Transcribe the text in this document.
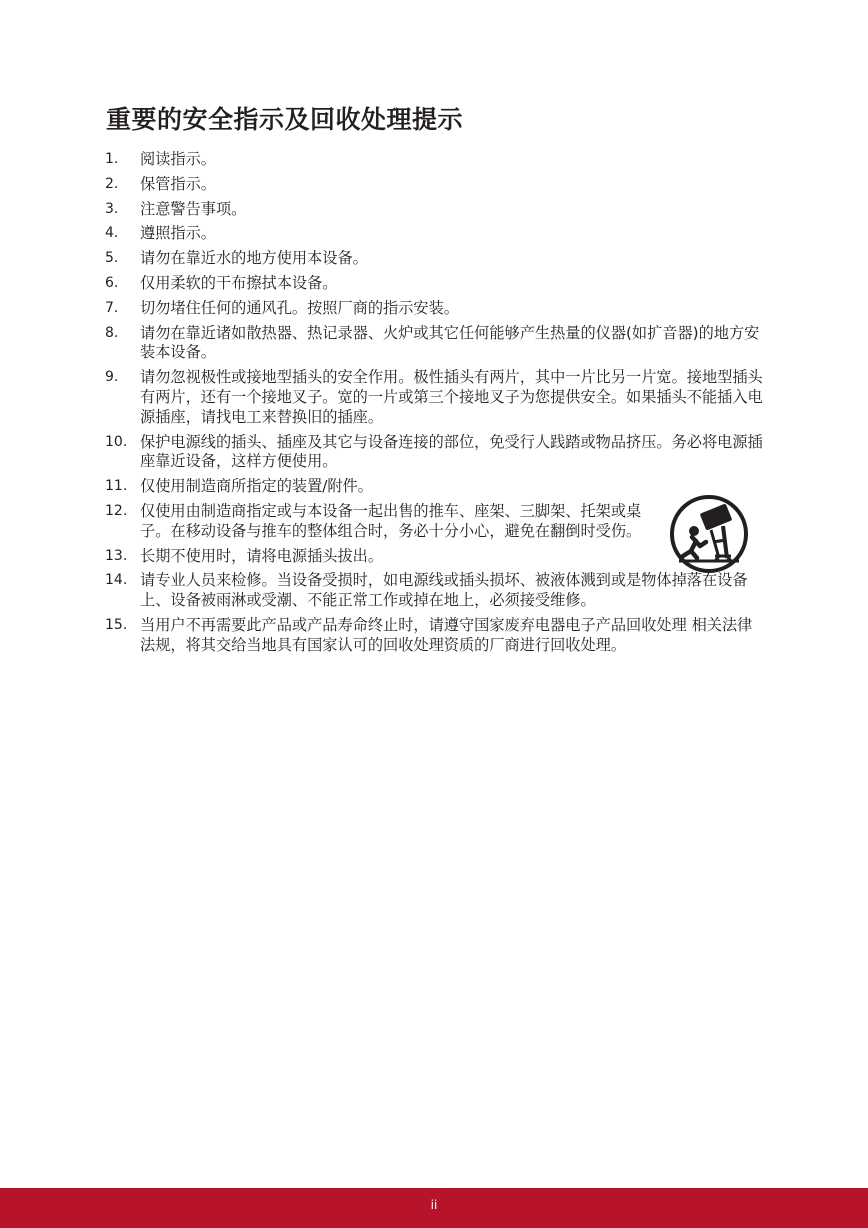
重要的安全指示及回收处理提示
1. 阅读指示。
2. 保管指示。
3. 注意警告事项。
4. 遵照指示。
5. 请勿在靠近水的地方使用本设备。
6. 仅用柔软的干布擦拭本设备。
7. 切勿堵住任何的通风孔。按照厂商的指示安装。
8. 请勿在靠近诸如散热器、热记录器、火炉或其它任何能够产生热量的仪器(如扩音器)的地方安装本设备。
9. 请勿忽视极性或接地型插头的安全作用。极性插头有两片，其中一片比另一片宽。接地型插头有两片，还有一个接地叉子。宽的一片或第三个接地叉子为您提供安全。如果插头不能插入电源插座，请找电工来替换旧的插座。
10. 保护电源线的插头、插座及其它与设备连接的部位，免受行人践踏或物品挤压。务必将电源插座靠近设备，这样方便使用。
11. 仅使用制造商所指定的装置/附件。
12. 仅使用由制造商指定或与本设备一起出售的推车、座架、三脚架、托架或桌子。在移动设备与推车的整体组合时，务必十分小心，避免在翻倒时受伤。
13. 长期不使用时，请将电源插头拔出。
14. 请专业人员来检修。当设备受损时，如电源线或插头损坏、被液体溅到或是物体掉落在设备上、设备被雨淋或受潮、不能正常工作或掉在地上，必须接受维修。
15. 当用户不再需要此产品或产品寿命终止时，请遵守国家废弃电器电子产品回收处理 相关法律法规，将其交给当地具有国家认可的回收处理资质的厂商进行回收处理。
ii
